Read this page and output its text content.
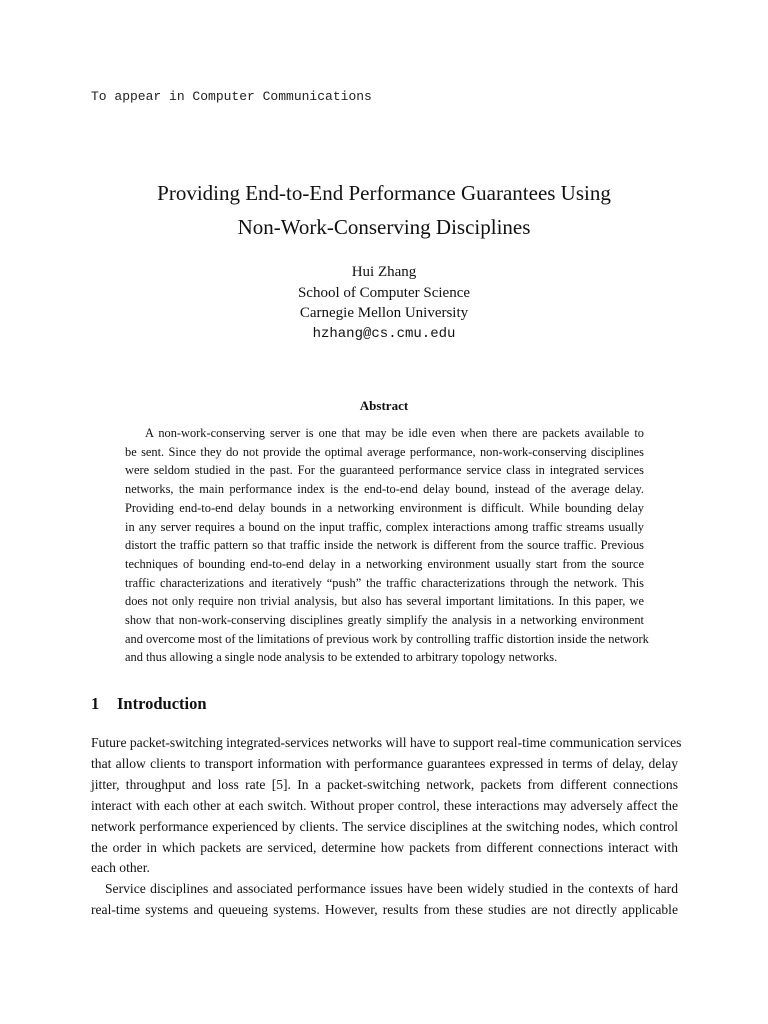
To appear in Computer Communications
Providing End-to-End Performance Guarantees Using
Non-Work-Conserving Disciplines
Hui Zhang
School of Computer Science
Carnegie Mellon University
hzhang@cs.cmu.edu
Abstract
A non-work-conserving server is one that may be idle even when there are packets available to
be sent. Since they do not provide the optimal average performance, non-work-conserving disciplines
were seldom studied in the past. For the guaranteed performance service class in integrated services
networks, the main performance index is the end-to-end delay bound, instead of the average delay.
Providing end-to-end delay bounds in a networking environment is difficult. While bounding delay
in any server requires a bound on the input traffic, complex interactions among traffic streams usually
distort the traffic pattern so that traffic inside the network is different from the source traffic. Previous
techniques of bounding end-to-end delay in a networking environment usually start from the source
traffic characterizations and iteratively “push” the traffic characterizations through the network. This
does not only require non trivial analysis, but also has several important limitations. In this paper, we
show that non-work-conserving disciplines greatly simplify the analysis in a networking environment
and overcome most of the limitations of previous work by controlling traffic distortion inside the network
and thus allowing a single node analysis to be extended to arbitrary topology networks.
1 Introduction
Future packet-switching integrated-services networks will have to support real-time communication services
that allow clients to transport information with performance guarantees expressed in terms of delay, delay
jitter, throughput and loss rate [5]. In a packet-switching network, packets from different connections
interact with each other at each switch. Without proper control, these interactions may adversely affect the
network performance experienced by clients. The service disciplines at the switching nodes, which control
the order in which packets are serviced, determine how packets from different connections interact with
each other.
Service disciplines and associated performance issues have been widely studied in the contexts of hard
real-time systems and queueing systems. However, results from these studies are not directly applicable
